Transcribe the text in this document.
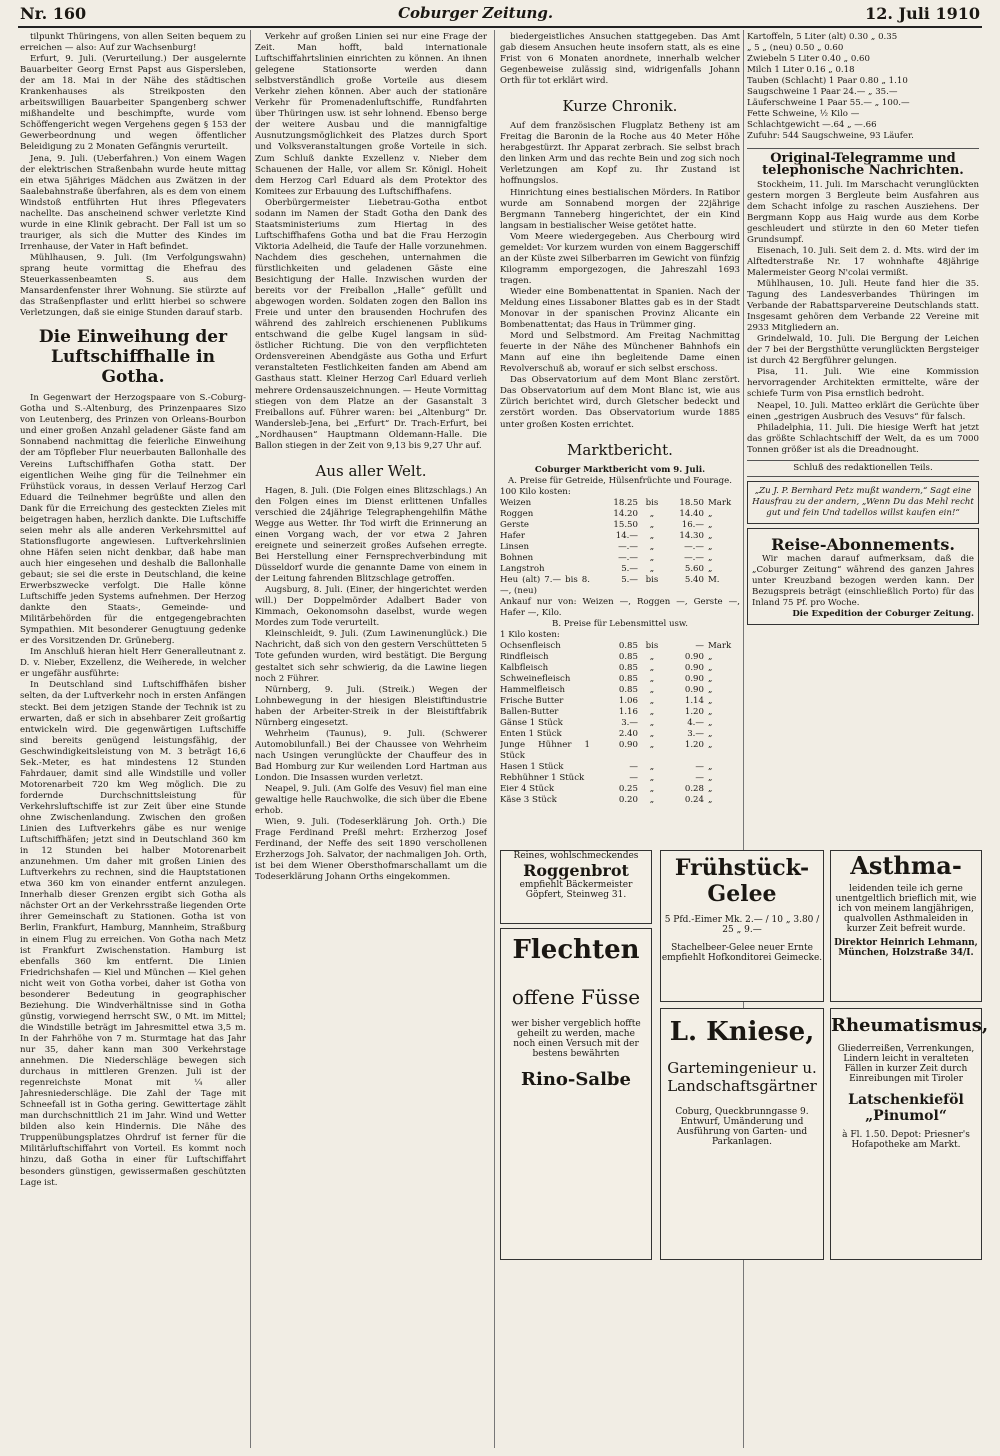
Nr. 160	Coburger Zeitung.	12. Juli 1910

tilpunkt Thüringens, von allen Seiten bequem zu erreichen — also: Auf zur Wachsenburg!

Erfurt, 9. Juli. (Verurteilung.) Der ausgelernte Bauarbeiter Georg Ernst Papst aus Gispersleben, der am 18. Mai in der Nähe des städtischen Krankenhauses als Streikposten den arbeitswilligen Bauarbeiter Spangenberg schwer mißhandelte und beschimpfte, wurde vom Schöffengericht wegen Vergehens gegen § 153 der Gewerbeordnung und wegen öffentlicher Beleidigung zu 2 Monaten Gefängnis verurteilt.

Jena, 9. Juli. (Ueberfahren.) Von einem Wagen der elektrischen Straßenbahn wurde heute mittag ein etwa 5jähriges Mädchen aus Zwätzen in der Saalebahnstraße überfahren, als es dem von einem Windstoß entführten Hut ihres Pflegevaters nachellte. Das anscheinend schwer verletzte Kind wurde in eine Klinik gebracht. Der Fall ist um so trauriger, als sich die Mutter des Kindes im Irrenhause, der Vater in Haft befindet.

Mühlhausen, 9. Juli. (Im Verfolgungswahn) sprang heute vormittag die Ehefrau des Steuerkassenbeamten S. aus dem Mansardenfenster ihrer Wohnung. Sie stürzte auf das Straßenpflaster und erlitt hierbei so schwere Verletzungen, daß sie einige Stunden darauf starb.

Die Einweihung der Luftschiffhalle in Gotha.

In Gegenwart der Herzogspaare von S.-Coburg-Gotha und S.-Altenburg, des Prinzenpaares Sizo von Leutenberg, des Prinzen von Orleans-Bourbon und einer großen Anzahl geladener Gäste fand am Sonnabend nachmittag die feierliche Einweihung der am Töpfleber Flur neuerbauten Ballonhalle des Vereins Luftschiffhafen Gotha statt. Der eigentlichen Weihe ging für die Teilnehmer ein Frühstück voraus, in dessen Verlauf Herzog Carl Eduard die Teilnehmer begrüßte und allen den Dank für die Erreichung des gesteckten Zieles mit beigetragen haben, herzlich dankte. Die Luftschiffe seien mehr als alle anderen Verkehrsmittel auf Stationsflugorte angewiesen. Luftverkehrslinien ohne Häfen seien nicht denkbar, daß habe man auch hier eingesehen und deshalb die Ballonhalle gebaut; sie sei die erste in Deutschland, die keine Erwerbszwecke verfolgt. Die Halle könne Luftschiffe jeden Systems aufnehmen. Der Herzog dankte den Staats-, Gemeinde- und Militärbehörden für die entgegengebrachten Sympathien. Mit besonderer Genugtuung gedenke er des Vorsitzenden Dr. Grüneberg.

Im Anschluß hieran hielt Herr Generalleutnant z. D. v. Nieber, Exzellenz, die Weiherede, in welcher er ungefähr ausführte:

In Deutschland sind Luftschiffhäfen bisher selten, da der Luftverkehr noch in ersten Anfängen steckt. Bei dem jetzigen Stande der Technik ist zu erwarten, daß er sich in absehbarer Zeit großartig entwickeln wird. Die gegenwärtigen Luftschiffe sind bereits genügend leistungsfähig, der Geschwindigkeitsleistung von M. 3 beträgt 16,6 Sek.-Meter, es hat mindestens 12 Stunden Fahrdauer, damit sind alle Windstille und voller Motorenarbeit 720 km Weg möglich. Die zu fordernde Durchschnittsleistung für Verkehrsluftschiffe ist zur Zeit über eine Stunde ohne Zwischenlandung. Zwischen den großen Linien des Luftverkehrs gäbe es nur wenige Luftschiffhäfen; jetzt sind in Deutschland 360 km in 12 Stunden bei halber Motorenarbeit anzunehmen. Um daher mit großen Linien des Luftverkehrs zu rechnen, sind die Hauptstationen etwa 360 km von einander entfernt anzulegen. Innerhalb dieser Grenzen ergibt sich Gotha als nächster Ort an der Verkehrsstraße liegenden Orte ihrer Gemeinschaft zu Stationen. Gotha ist von Berlin, Frankfurt, Hamburg, Mannheim, Straßburg in einem Flug zu erreichen. Von Gotha nach Metz ist Frankfurt Zwischenstation. Hamburg ist ebenfalls 360 km entfernt. Die Linien Friedrichshafen — Kiel und München — Kiel gehen nicht weit von Gotha vorbei, daher ist Gotha von besonderer Bedeutung in geographischer Beziehung. Die Windverhältnisse sind in Gotha günstig, vorwiegend herrscht SW., 0 Mt. im Mittel; die Windstille beträgt im Jahresmittel etwa 3,5 m. In der Fahrhöhe von 7 m. Sturmtage hat das Jahr nur 35, daher kann man 300 Verkehrstage annehmen. Die Niederschläge bewegen sich durchaus in mittleren Grenzen. Juli ist der regenreichste Monat mit ¼ aller Jahresniederschläge. Die Zahl der Tage mit Schneefall ist in Gotha gering. Gewittertage zählt man durchschnittlich 21 im Jahr. Wind und Wetter bilden also kein Hindernis. Die Nähe des Truppenübungsplatzes Ohrdruf ist ferner für die Militärluftschiffahrt von Vorteil. Es kommt noch hinzu, daß Gotha in einer für Luftschiffahrt besonders günstigen, gewissermaßen geschützten Lage ist.

Verkehr auf großen Linien sei nur eine Frage der Zeit. Man hofft, bald internationale Luftschiffahrtslinien einrichten zu können. An ihnen gelegene Stationsorte werden dann selbstverständlich große Vorteile aus diesem Verkehr ziehen können. Aber auch der stationäre Verkehr für Promenadenluftschiffe, Rundfahrten über Thüringen usw. ist sehr lohnend. Ebenso berge der weitere Ausbau und die mannigfaltige Ausnutzungsmöglichkeit des Platzes durch Sport und Volksveranstaltungen große Vorteile in sich. Zum Schluß dankte Exzellenz v. Nieber dem Schauenen der Halle, vor allem Sr. Königl. Hoheit dem Herzog Carl Eduard als dem Protektor des Komitees zur Erbauung des Luftschiffhafens.

Oberbürgermeister Liebetrau-Gotha entbot sodann im Namen der Stadt Gotha den Dank des Staatsministeriums zum Hiertag in des Luftschiffhafens Gotha und bat die Frau Herzogin Viktoria Adelheid, die Taufe der Halle vorzunehmen. Nachdem dies geschehen, unternahmen die fürstlichkeiten und geladenen Gäste eine Besichtigung der Halle. Inzwischen wurden der bereits vor der Freiballon „Halle“ gefüllt und abgewogen worden. Soldaten zogen den Ballon ins Freie und unter den brausenden Hochrufen des während des zahlreich erschienenen Publikums entschwand die gelbe Kugel langsam in süd-östlicher Richtung. Die von den verpflichteten Ordensvereinen Abendgäste aus Gotha und Erfurt veranstalteten Festlichkeiten fanden am Abend am Gasthaus statt. Kleiner Herzog Carl Eduard verlieh mehrere Ordensauszeichnungen. — Heute Vormittag stiegen von dem Platze an der Gasanstalt 3 Freiballons auf. Führer waren: bei „Altenburg“ Dr. Wandersleb-Jena, bei „Erfurt“ Dr. Trach-Erfurt, bei „Nordhausen“ Hauptmann Oldemann-Halle. Die Ballon stiegen in der Zeit von 9,13 bis 9,27 Uhr auf.

Aus aller Welt.

Hagen, 8. Juli. (Die Folgen eines Blitzschlags.) An den Folgen eines im Dienst erlittenen Unfalles verschied die 24jährige Telegraphengehilfin Mäthe Wegge aus Wetter. Ihr Tod wirft die Erinnerung an einen Vorgang wach, der vor etwa 2 Jahren ereignete und seinerzeit großes Aufsehen erregte. Bei Herstellung einer Fernsprechverbindung mit Düsseldorf wurde die genannte Dame von einem in der Leitung fahrenden Blitzschlage getroffen.

Augsburg, 8. Juli. (Einer, der hingerichtet werden will.) Der Doppelmörder Adalbert Bader von Kimmach, Oekonomsohn daselbst, wurde wegen Mordes zum Tode verurteilt.

Kleinschleidt, 9. Juli. (Zum Lawinenunglück.) Die Nachricht, daß sich von den gestern Verschütteten 5 Tote gefunden wurden, wird bestätigt. Die Bergung gestaltet sich sehr schwierig, da die Lawine liegen noch 2 Führer.

Nürnberg, 9. Juli. (Streik.) Wegen der Lohnbewegung in der hiesigen Bleistiftindustrie haben der Arbeiter-Streik in der Bleistiftfabrik Nürnberg eingesetzt.

Wehrheim (Taunus), 9. Juli. (Schwerer Automobilunfall.) Bei der Chaussee von Wehrheim nach Usingen verunglückte der Chauffeur des in Bad Homburg zur Kur weilenden Lord Hartman aus London. Die Insassen wurden verletzt.

Neapel, 9. Juli. (Am Golfe des Vesuv) fiel man eine gewaltige helle Rauchwolke, die sich über die Ebene erhob.

Wien, 9. Juli. (Todeserklärung Joh. Orth.) Die Frage Ferdinand Preßl mehrt: Erzherzog Josef Ferdinand, der Neffe des seit 1890 verschollenen Erzherzogs Joh. Salvator, der nachmaligen Joh. Orth, ist bei dem Wiener Obersthofmarschallamt um die Todeserklärung Johann Orths eingekommen.

biedergeistliches Ansuchen stattgegeben. Das Amt gab diesem Ansuchen heute insofern statt, als es eine Frist von 6 Monaten anordnete, innerhalb welcher Gegenbeweise zulässig sind, widrigenfalls Johann Orth für tot erklärt wird.

Kurze Chronik.

Auf dem französischen Flugplatz Betheny ist am Freitag die Baronin de la Roche aus 40 Meter Höhe herabgestürzt. Ihr Apparat zerbrach. Sie selbst brach den linken Arm und das rechte Bein und zog sich noch Verletzungen am Kopf zu. Ihr Zustand ist hoffnungslos.

Hinrichtung eines bestialischen Mörders. In Ratibor wurde am Sonnabend morgen der 22jährige Bergmann Tanneberg hingerichtet, der ein Kind langsam in bestialischer Weise getötet hatte.

Vom Meere wiedergegeben. Aus Cherbourg wird gemeldet: Vor kurzem wurden von einem Baggerschiff an der Küste zwei Silberbarren im Gewicht von fünfzig Kilogramm emporgezogen, die Jahreszahl 1693 tragen.

Wieder eine Bombenattentat in Spanien. Nach der Meldung eines Lissaboner Blattes gab es in der Stadt Monovar in der spanischen Provinz Alicante ein Bombenattentat; das Haus in Trümmer ging.

Mord und Selbstmord. Am Freitag Nachmittag feuerte in der Nähe des Münchener Bahnhofs ein Mann auf eine ihn begleitende Dame einen Revolverschuß ab, worauf er sich selbst erschoss.

Das Observatorium auf dem Mont Blanc zerstört. Das Observatorium auf dem Mont Blanc ist, wie aus Zürich berichtet wird, durch Gletscher bedeckt und zerstört worden. Das Observatorium wurde 1885 unter großen Kosten errichtet.

Marktbericht.
Coburger Marktbericht vom 9. Juli.
A. Preise für Getreide, Hülsenfrüchte und Fourage.
100 Kilo kosten:
Weizen	18.25 bis	18.50 Mark
Roggen	14.20	„	14.40 „
Gerste	15.50	„	16.— „
Hafer	14.—	„	14.30 „
Linsen	—.—	„	—.— „
Bohnen	—.—	„	—.— „
Langstroh	5.—	„	5.60 „
Heu (alt) 7.— bis 8.—, (neu)
5.— bis	5.40 M.
Ankauf nur von: Weizen —, Roggen —, Gerste —, Hafer —, Kilo.
B. Preise für Lebensmittel usw.
1 Kilo kosten:
Ochsenfleisch	0.85 bis	— Mark
Rindfleisch	0.85	„	0.90 „
Kalbfleisch	0.85	„	0.90 „
Schweinefleisch	0.85	„	0.90 „
Hammelfleisch	0.85	„	0.90 „
Frische Butter	1.06	„	1.14 „
Ballen-Butter	1.16	„	1.20 „
Gänse 1 Stück	3.—	„	4.— „
Enten 1 Stück	2.40	„	3.— „
Junge Hühner 1 Stück
0.90	„	1.20 „
Hasen 1 Stück	—	„	— „
Rebhühner 1 Stück	—	„	— „
Eier 4 Stück	0.25	„	0.28 „
Käse 3 Stück	0.20	„	0.24 „
Kartoffeln, 5 Liter (alt) 0.30 „ 0.35
„ 5 „ (neu) 0.50 „ 0.60
Zwiebeln 5 Liter 0.40 „ 0.60
Milch 1 Liter 0.16 „ 0.18
Tauben (Schlacht) 1 Paar 0.80 „ 1.10
Saugschweine 1 Paar 24.— „ 35.—
Läuferschweine 1 Paar 55.— „ 100.—
Fette Schweine, ½ Kilo —
Schlachtgewicht —.64 „ —.66
Zufuhr: 544 Saugschweine, 93 Läufer.
Original-Telegramme und telephonische Nachrichten.

Stockheim, 11. Juli. Im Marschacht verunglückten gestern morgen 3 Bergleute beim Ausfahren aus dem Schacht infolge zu raschen Ausziehens. Der Bergmann Kopp aus Haig wurde aus dem Korbe geschleudert und stürzte in den 60 Meter tiefen Grundsumpf.

Eisenach, 10. Juli. Seit dem 2. d. Mts. wird der im Alftedterstraße Nr. 17 wohnhafte 48jährige Malermeister Georg N'colai vermißt.

Mühlhausen, 10. Juli. Heute fand hier die 35. Tagung des Landesverbandes Thüringen im Verbande der Rabattsparvereine Deutschlands statt. Insgesamt gehören dem Verbande 22 Vereine mit 2933 Mitgliedern an.

Grindelwald, 10. Juli. Die Bergung der Leichen der 7 bei der Bergsthütte verunglückten Bergsteiger ist durch 42 Bergführer gelungen.

Pisa, 11. Juli. Wie eine Kommission hervorragender Architekten ermittelte, wäre der schiefe Turm von Pisa ernstlich bedroht.

Neapel, 10. Juli. Matteo erklärt die Gerüchte über einen „gestrigen Ausbruch des Vesuvs“ für falsch.

Philadelphia, 11. Juli. Die hiesige Werft hat jetzt das größte Schlachtschiff der Welt, da es um 7000 Tonnen größer ist als die Dreadnought.

Schluß des redaktionellen Teils.
„Zu J. P. Bernhard Petz mußt wandern,“ Sagt eine Hausfrau zu der andern, „Wenn Du das Mehl recht gut und fein Und tadellos willst kaufen ein!“
Reise-Abonnements.

Wir machen darauf aufmerksam, daß die „Coburger Zeitung“ während des ganzen Jahres unter Kreuzband bezogen werden kann. Der Bezugspreis beträgt (einschließlich Porto) für das Inland 75 Pf. pro Woche.

Die Expedition der Coburger Zeitung.
Reines, wohlschmeckendes
Roggenbrot
empfiehlt Bäckermeister Göpfert, Steinweg 31.
Flechten
offene Füsse
wer bisher vergeblich hoffte geheilt zu werden, mache noch einen Versuch mit der bestens bewährten
Rino-Salbe
Frühstück-Gelee
5 Pfd.-Eimer Mk. 2.— / 10 „ 3.80 / 25 „ 9.—
Stachelbeer-Gelee neuer Ernte empfiehlt Hofkonditorei Geimecke.
L. Kniese,
Gartemingenieur u. Landschaftsgärtner
Coburg, Queckbrunngasse 9. Entwurf, Umänderung und Ausführung von Garten- und Parkanlagen.
Asthma-
leidenden teile ich gerne unentgeltlich brieflich mit, wie ich von meinem langjährigen, qualvollen Asthmaleiden in kurzer Zeit befreit wurde.
Direktor Heinrich Lehmann, München, Holzstraße 34/I.
Rheumatismus,
Gliederreißen, Verrenkungen, Lindern leicht in veralteten Fällen in kurzer Zeit durch Einreibungen mit Tiroler
Latschenkieföl „Pinumol“
à Fl. 1.50. Depot: Priesner's Hofapotheke am Markt.
